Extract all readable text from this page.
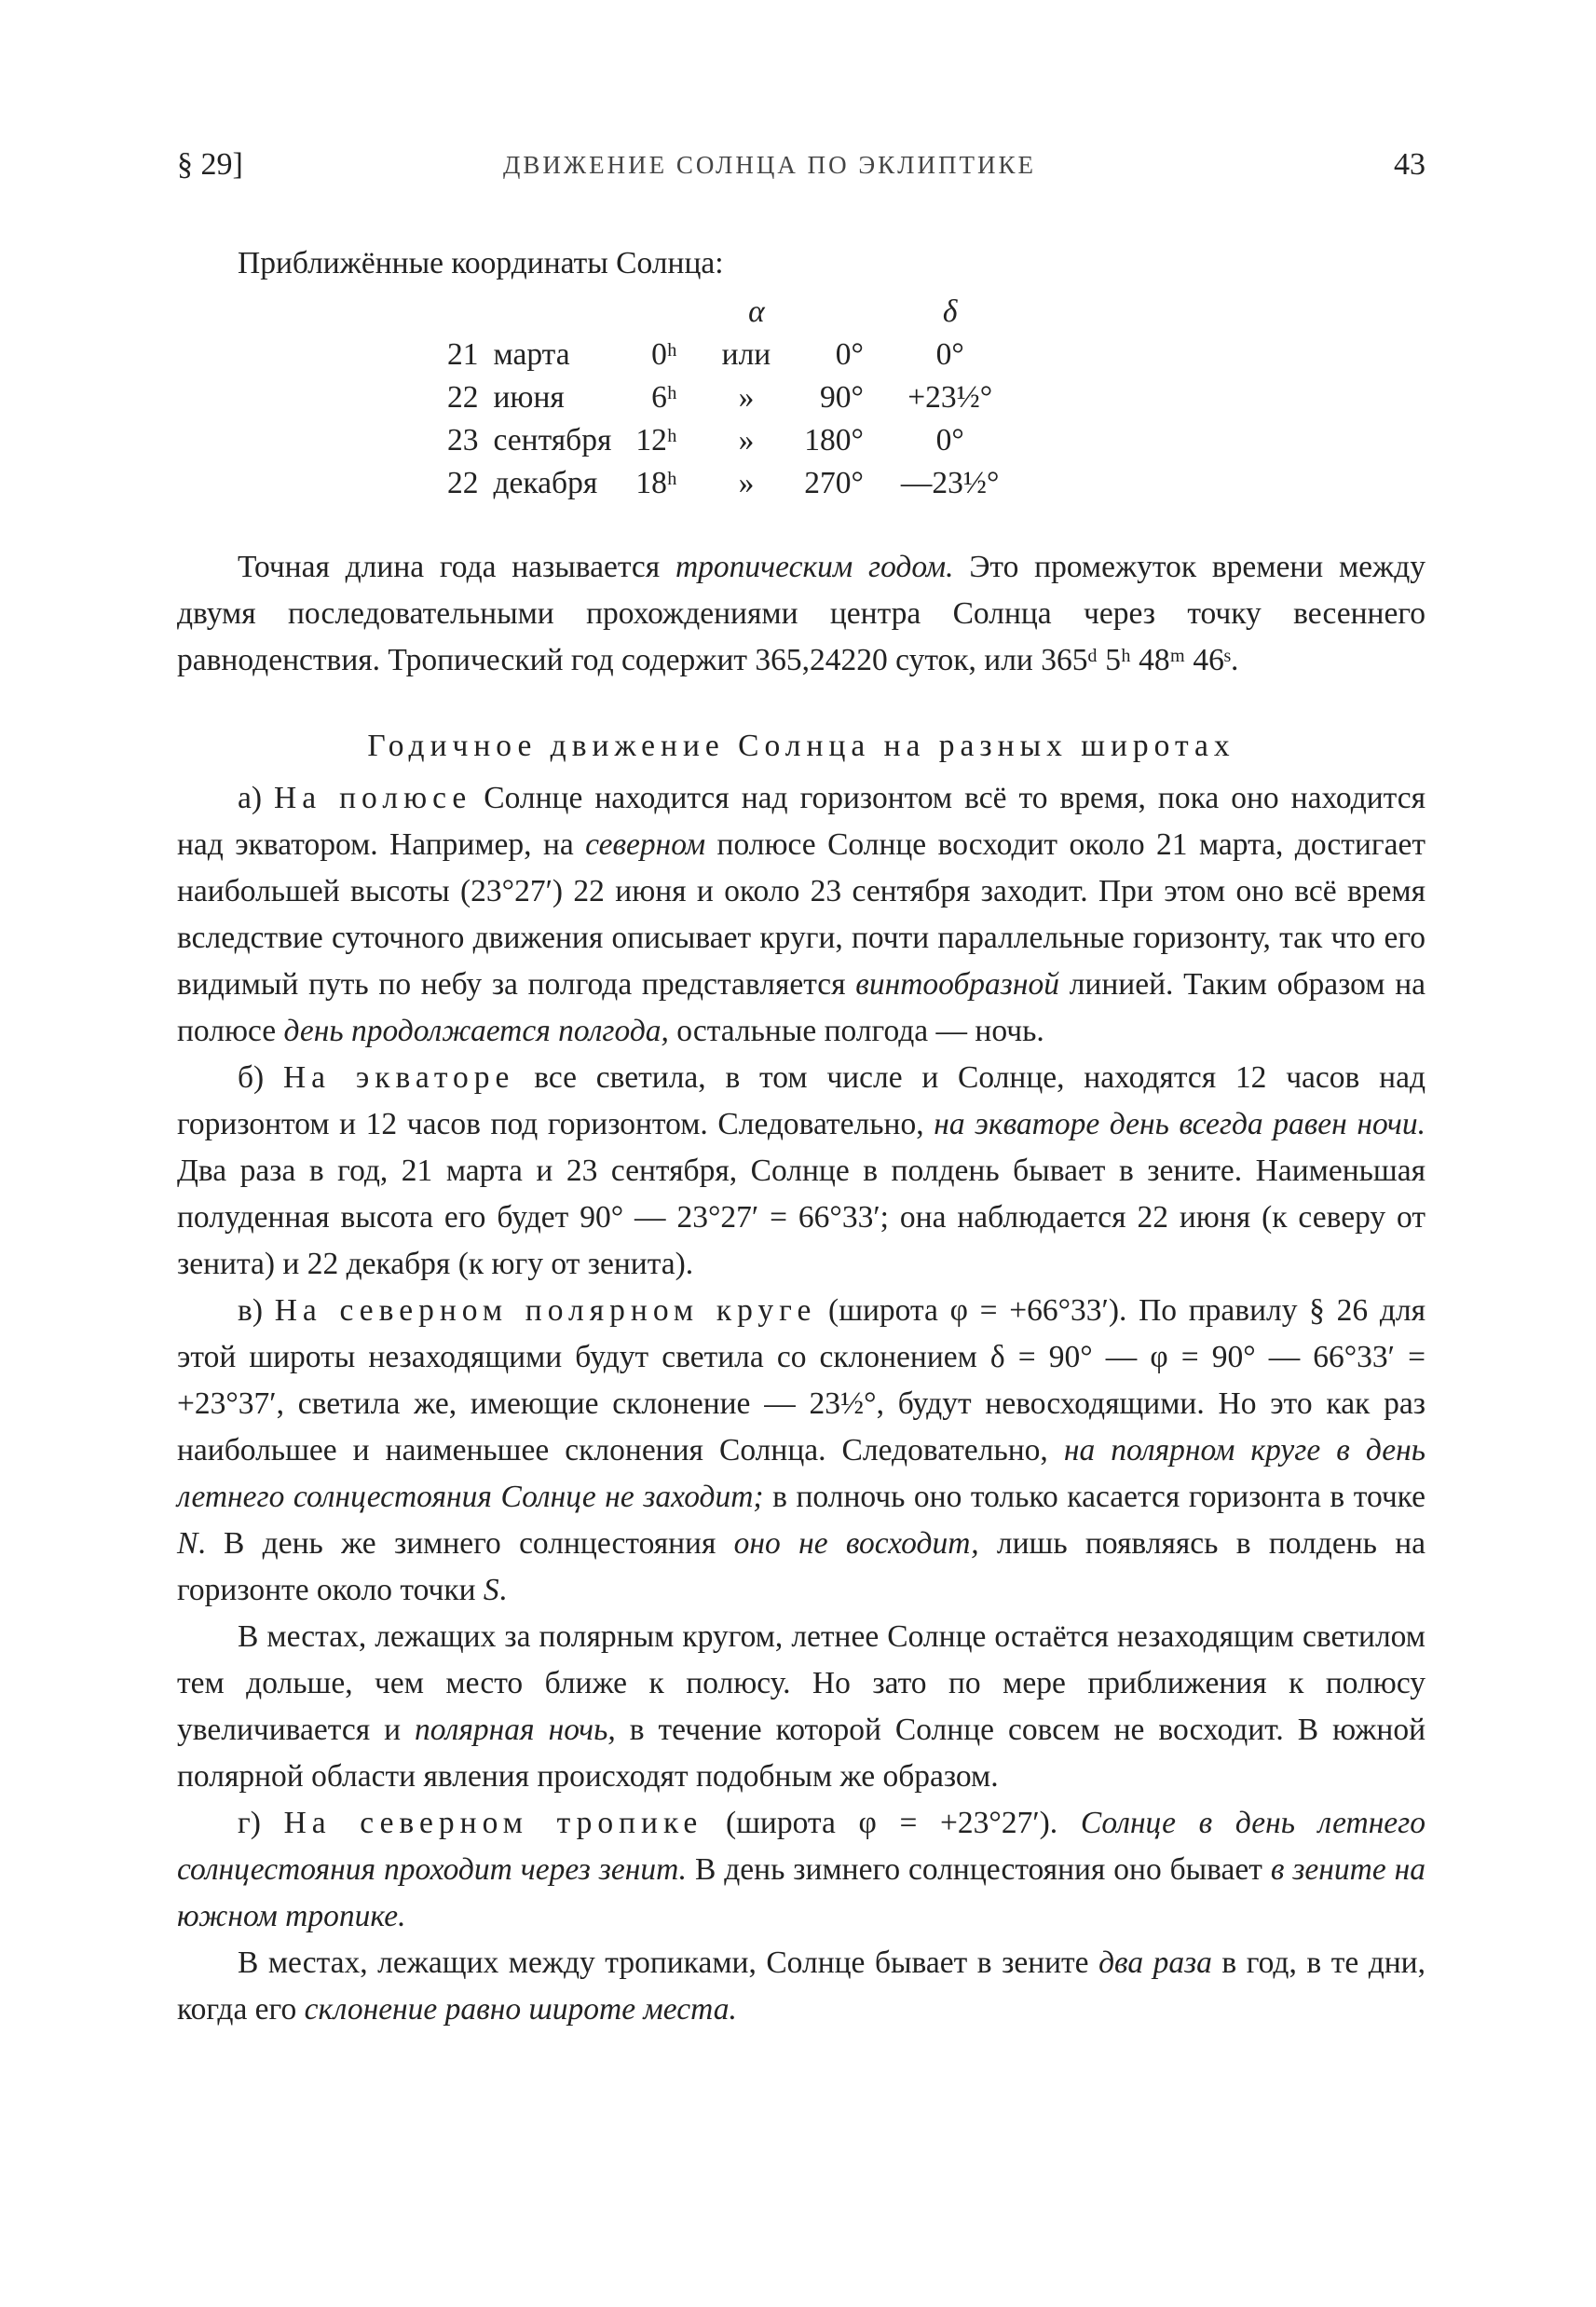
§ 29]	ДВИЖЕНИЕ СОЛНЦА ПО ЭКЛИПТИКЕ	43

Приближённые координаты Солнца:

			α		δ
21	марта	0ʰ	или	0°	0°
22	июня	6ʰ	»	90°	+23½°
23	сентября	12ʰ	»	180°	0°
22	декабря	18ʰ	»	270°	—23½°

Точная длина года называется тропическим годом. Это промежуток времени между двумя последовательными прохождениями центра Солнца через точку весеннего равноденствия. Тропический год содержит 365,24220 суток, или 365ᵈ 5ʰ 48ᵐ 46ˢ.

Годичное движение Солнца на разных широтах

а) На полюсе Солнце находится над горизонтом всё то время, пока оно находится над экватором. Например, на северном полюсе Солнце восходит около 21 марта, достигает наибольшей высоты (23°27′) 22 июня и около 23 сентября заходит. При этом оно всё время вследствие суточного движения описывает круги, почти параллельные горизонту, так что его видимый путь по небу за полгода представляется винтообразной линией. Таким образом на полюсе день продолжается полгода, остальные полгода — ночь.

б) На экваторе все светила, в том числе и Солнце, находятся 12 часов над горизонтом и 12 часов под горизонтом. Следовательно, на экваторе день всегда равен ночи. Два раза в год, 21 марта и 23 сентября, Солнце в полдень бывает в зените. Наименьшая полуденная высота его будет 90° — 23°27′ = 66°33′; она наблюдается 22 июня (к северу от зенита) и 22 декабря (к югу от зенита).

в) На северном полярном круге (широта φ = +66°33′). По правилу § 26 для этой широты незаходящими будут светила со склонением δ = 90° — φ = 90° — 66°33′ = +23°37′, светила же, имеющие склонение — 23½°, будут невосходящими. Но это как раз наибольшее и наименьшее склонения Солнца. Следовательно, на полярном круге в день летнего солнцестояния Солнце не заходит; в полночь оно только касается горизонта в точке N. В день же зимнего солнцестояния оно не восходит, лишь появляясь в полдень на горизонте около точки S.

В местах, лежащих за полярным кругом, летнее Солнце остаётся незаходящим светилом тем дольше, чем место ближе к полюсу. Но зато по мере приближения к полюсу увеличивается и полярная ночь, в течение которой Солнце совсем не восходит. В южной полярной области явления происходят подобным же образом.

г) На северном тропике (широта φ = +23°27′). Солнце в день летнего солнцестояния проходит через зенит. В день зимнего солнцестояния оно бывает в зените на южном тропике.

В местах, лежащих между тропиками, Солнце бывает в зените два раза в год, в те дни, когда его склонение равно широте места.
